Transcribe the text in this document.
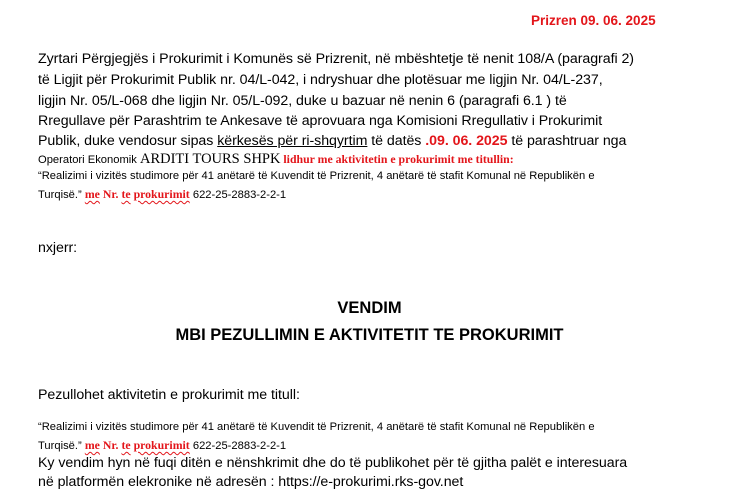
Prizren 09. 06. 2025
Zyrtari Përgjegjës i Prokurimit i Komunës së Prizrenit, në mbështetje të nenit 108/A (paragrafi 2)
të Ligjit për Prokurimit Publik nr. 04/L-042, i ndryshuar dhe plotësuar me ligjin Nr. 04/L-237,
ligjin Nr. 05/L-068 dhe ligjin Nr. 05/L-092, duke u bazuar në nenin 6 (paragrafi 6.1 ) të
Rregullave për Parashtrim te Ankesave të aprovuara nga Komisioni Rregullativ i Prokurimit
Publik, duke vendosur sipas kërkesës për ri-shqyrtim të datës .09. 06. 2025 të parashtruar nga
Operatori Ekonomik ARDITI TOURS SHPK lidhur me aktivitetin e prokurimit me titullin:
“Realizimi i vizitës studimore për 41 anëtarë të Kuvendit të Prizrenit, 4 anëtarë të stafit Komunal në Republikën e
Turqisë.” me Nr. te prokurimit 622-25-2883-2-2-1
nxjerr:
VENDIM
MBI PEZULLIMIN E AKTIVITETIT TE PROKURIMIT
Pezullohet aktivitetin e prokurimit me titull:
“Realizimi i vizitës studimore për 41 anëtarë të Kuvendit të Prizrenit, 4 anëtarë të stafit Komunal në Republikën e
Turqisë.” me Nr. te prokurimit 622-25-2883-2-2-1
Ky vendim hyn në fuqi ditën e nënshkrimit dhe do të publikohet për të gjitha palët e interesuara
në platformën elekronike në adresën : https://e-prokurimi.rks-gov.net
